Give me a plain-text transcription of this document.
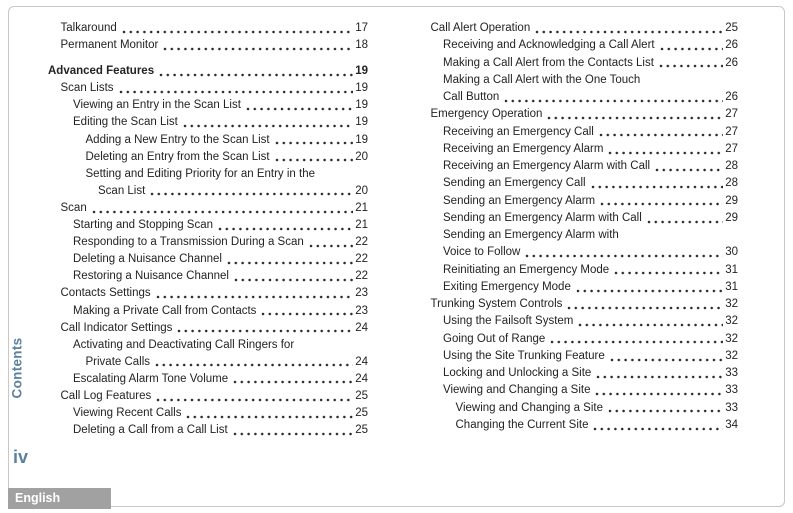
Contents
Talkaround	17
Permanent Monitor	18
Advanced Features	19
Scan Lists	19
Viewing an Entry in the Scan List	19
Editing the Scan List	19
Adding a New Entry to the Scan List	19
Deleting an Entry from the Scan List	20
Setting and Editing Priority for an Entry in the
Scan List	20
Scan	21
Starting and Stopping Scan	21
Responding to a Transmission During a Scan	22
Deleting a Nuisance Channel	22
Restoring a Nuisance Channel	22
Contacts Settings	23
Making a Private Call from Contacts	23
Call Indicator Settings	24
Activating and Deactivating Call Ringers for
Private Calls	24
Escalating Alarm Tone Volume	24
Call Log Features	25
Viewing Recent Calls	25
Deleting a Call from a Call List	25
Call Alert Operation	25
Receiving and Acknowledging a Call Alert	26
Making a Call Alert from the Contacts List	26
Making a Call Alert with the One Touch
Call Button	26
Emergency Operation	27
Receiving an Emergency Call	27
Receiving an Emergency Alarm	27
Receiving an Emergency Alarm with Call	28
Sending an Emergency Call	28
Sending an Emergency Alarm	29
Sending an Emergency Alarm with Call	29
Sending an Emergency Alarm with
Voice to Follow	30
Reinitiating an Emergency Mode	31
Exiting Emergency Mode	31
Trunking System Controls	32
Using the Failsoft System	32
Going Out of Range	32
Using the Site Trunking Feature	32
Locking and Unlocking a Site	33
Viewing and Changing a Site	33
Viewing and Changing a Site	33
Changing the Current Site	34
iv
English
